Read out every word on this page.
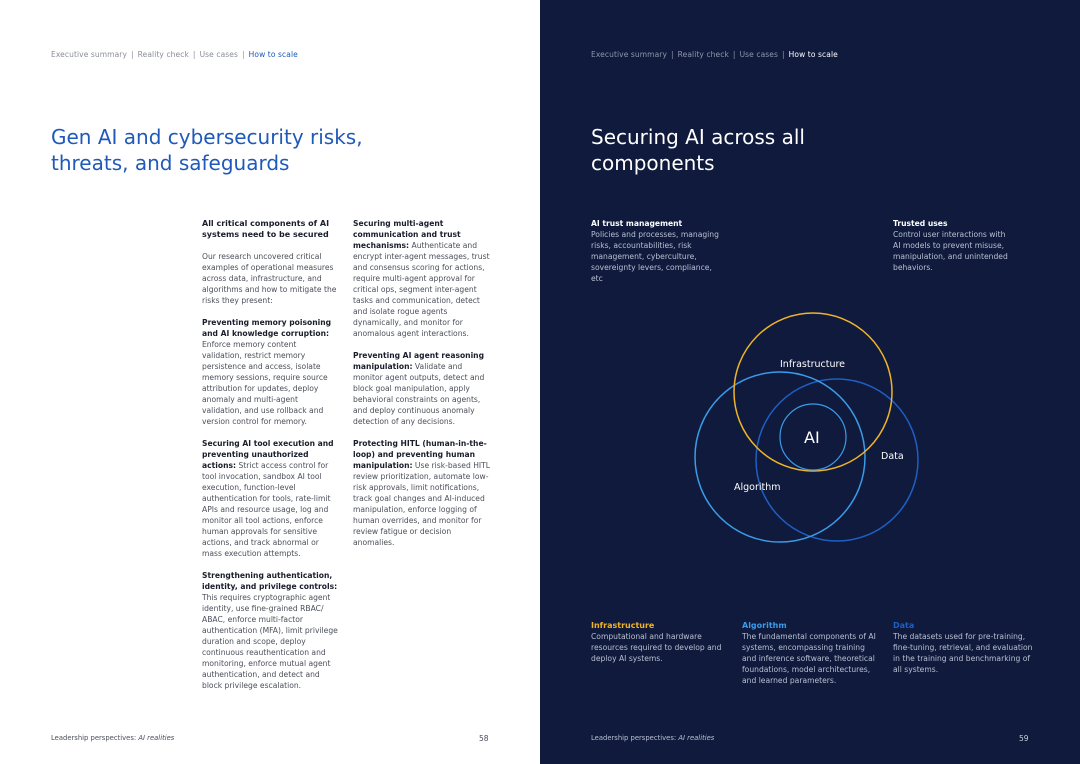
Executive summary | Reality check | Use cases | How to scale
Gen AI and cybersecurity risks, threats, and safeguards

All critical components of AI systems need to be secured

Our research uncovered critical examples of operational measures across data, infrastructure, and algorithms and how to mitigate the risks they present:

Preventing memory poisoning and AI knowledge corruption: Enforce memory content validation, restrict memory persistence and access, isolate memory sessions, require source attribution for updates, deploy anomaly and multi-agent validation, and use rollback and version control for memory.

Securing AI tool execution and preventing unauthorized actions: Strict access control for tool invocation, sandbox AI tool execution, function-level authentication for tools, rate-limit APIs and resource usage, log and monitor all tool actions, enforce human approvals for sensitive actions, and track abnormal or mass execution attempts.

Strengthening authentication, identity, and privilege controls: This requires cryptographic agent identity, use fine-grained RBAC/ ABAC, enforce multi-factor authentication (MFA), limit privilege duration and scope, deploy continuous reauthentication and monitoring, enforce mutual agent authentication, and detect and block privilege escalation.

Securing multi-agent communication and trust mechanisms: Authenticate and encrypt inter-agent messages, trust and consensus scoring for actions, require multi-agent approval for critical ops, segment inter-agent tasks and communication, detect and isolate rogue agents dynamically, and monitor for anomalous agent interactions.

Preventing AI agent reasoning manipulation: Validate and monitor agent outputs, detect and block goal manipulation, apply behavioral constraints on agents, and deploy continuous anomaly detection of any decisions.

Protecting HITL (human-in-the-loop) and preventing human manipulation: Use risk-based HITL review prioritization, automate low-risk approvals, limit notifications, track goal changes and AI-induced manipulation, enforce logging of human overrides, and monitor for review fatigue or decision anomalies.

Leadership perspectives: AI realities	58
Executive summary | Reality check | Use cases | How to scale
Securing AI across all components
AI trust management
Policies and processes, managing risks, accountabilities, risk management, cyberculture, sovereignty levers, compliance, etc
Trusted uses
Control user interactions with AI models to prevent misuse, manipulation, and unintended behaviors.
Infrastructure
Data
Algorithm
AI
Infrastructure
Computational and hardware resources required to develop and deploy AI systems.
Algorithm
The fundamental components of AI systems, encompassing training and inference software, theoretical foundations, model architectures, and learned parameters.
Data
The datasets used for pre-training, fine-tuning, retrieval, and evaluation in the training and benchmarking of all systems.
Leadership perspectives: AI realities	59
